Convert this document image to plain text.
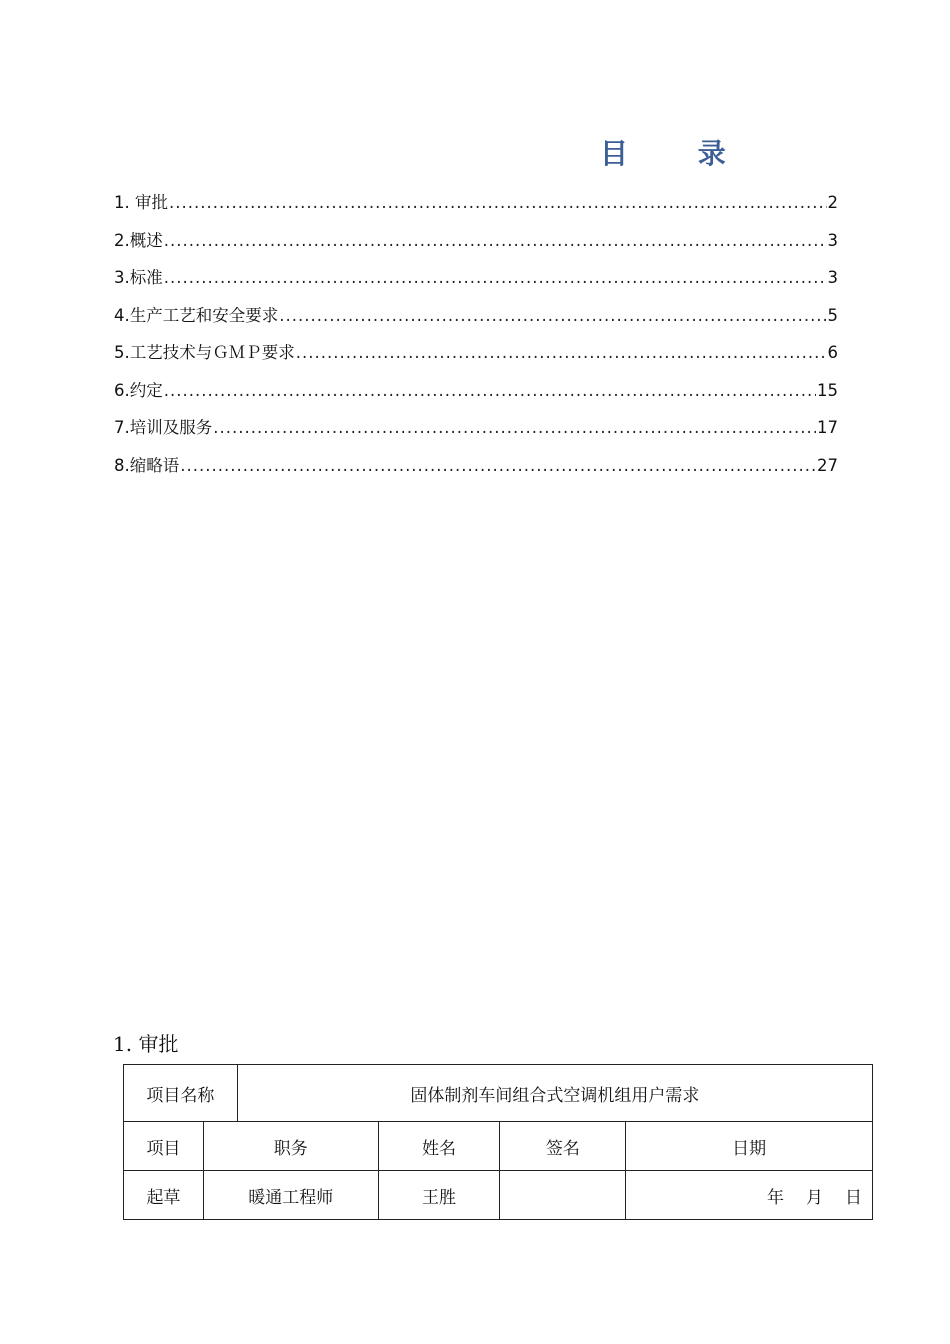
目 录
1. 审批 .....	2
2.概述 .....	3
3.标准 .....	3
4.生产工艺和安全要求 .....	5
5.工艺技术与ＧＭＰ要求 .....	6
6.约定 .....	15
7.培训及服务 .....	17
8.缩略语 .....	27
1. 审批
项目名称		固体制剂车间组合式空调机组用户需求			
项目	职务		姓名	签名	日期
起草	暖通工程师		王胜		年 月 日
